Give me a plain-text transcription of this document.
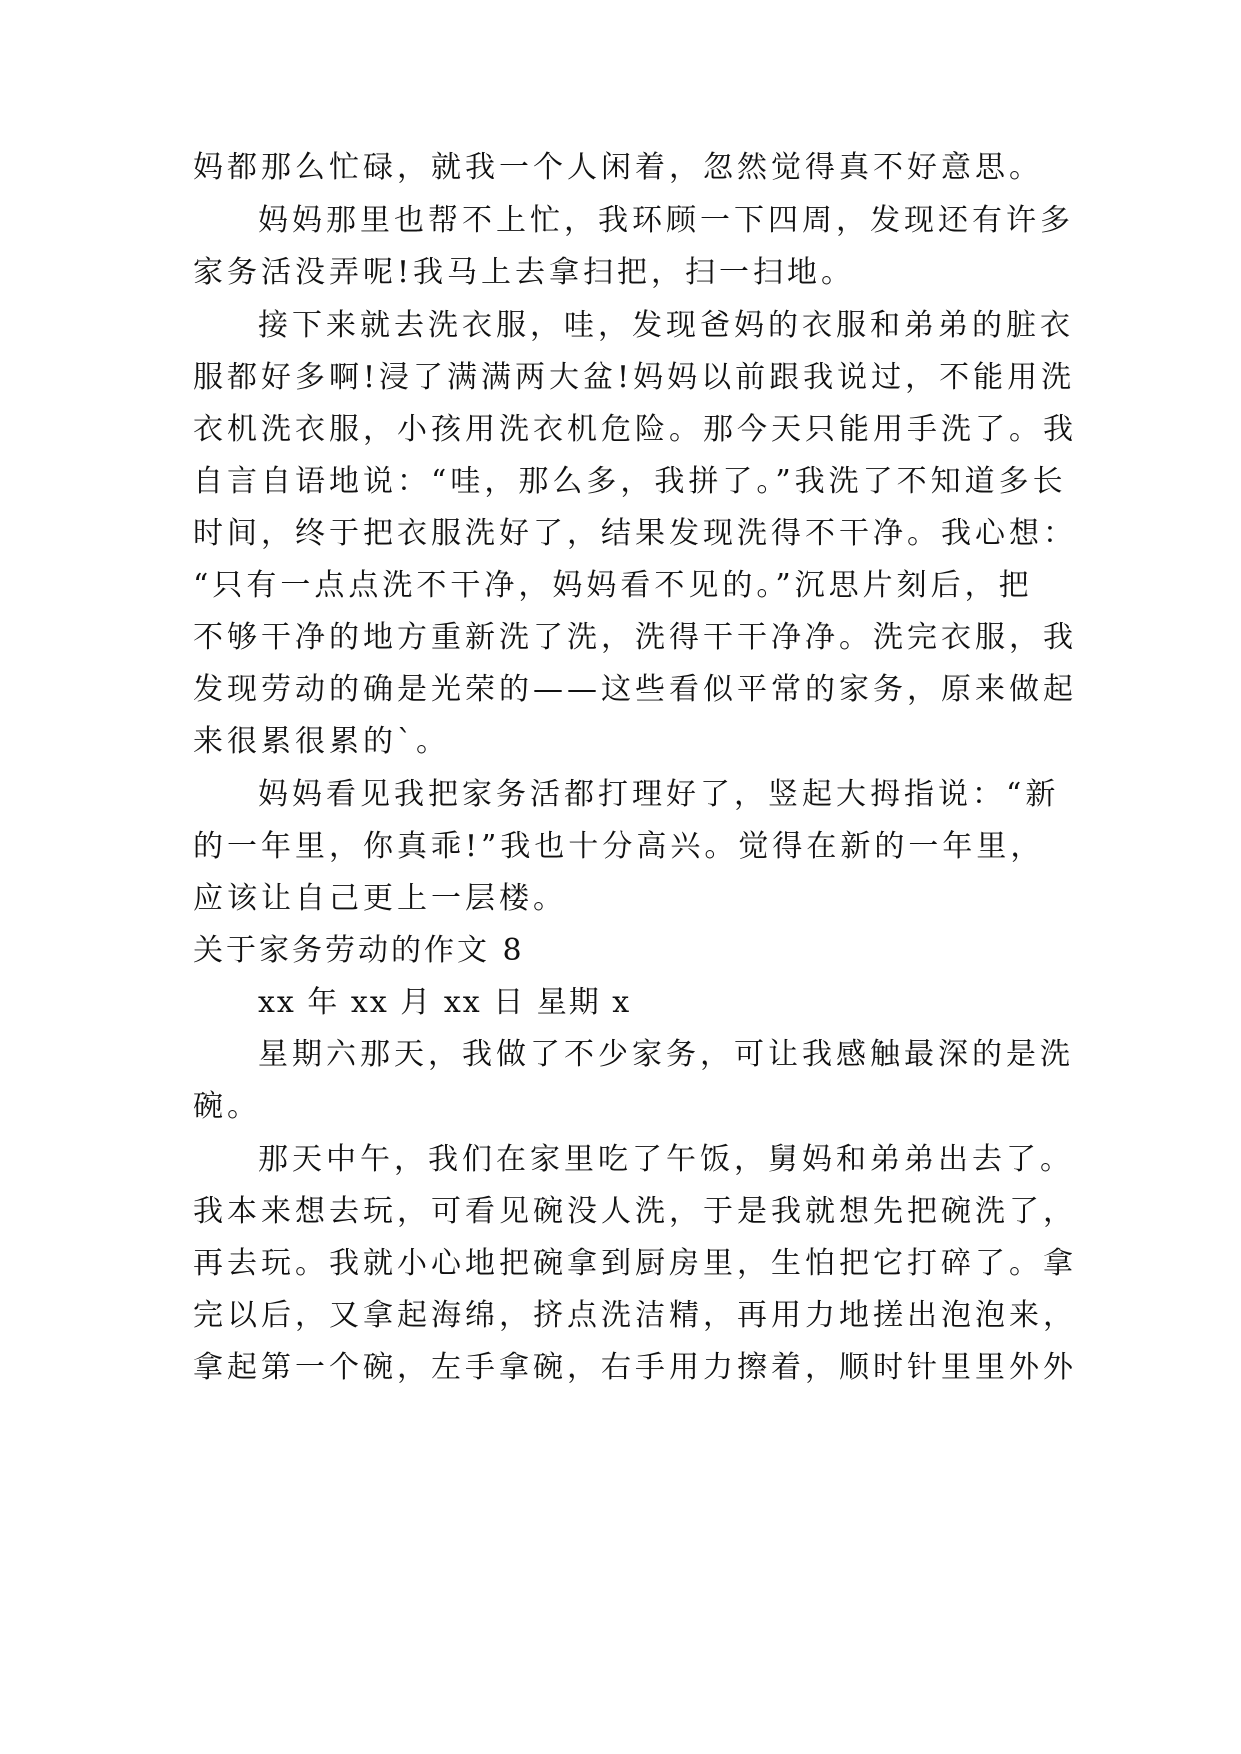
妈都那么忙碌，就我一个人闲着，忽然觉得真不好意思。
妈妈那里也帮不上忙，我环顾一下四周，发现还有许多
家务活没弄呢!我马上去拿扫把，扫一扫地。
接下来就去洗衣服，哇，发现爸妈的衣服和弟弟的脏衣
服都好多啊!浸了满满两大盆!妈妈以前跟我说过，不能用洗
衣机洗衣服，小孩用洗衣机危险。那今天只能用手洗了。我
自言自语地说：“哇，那么多，我拼了。”我洗了不知道多长
时间，终于把衣服洗好了，结果发现洗得不干净。我心想：
“只有一点点洗不干净，妈妈看不见的。”沉思片刻后，把
不够干净的地方重新洗了洗，洗得干干净净。洗完衣服，我
发现劳动的确是光荣的——这些看似平常的家务，原来做起
来很累很累的`。
妈妈看见我把家务活都打理好了，竖起大拇指说：“新
的一年里，你真乖!”我也十分高兴。觉得在新的一年里，
应该让自己更上一层楼。
关于家务劳动的作文 8
xx 年 xx 月 xx 日 星期 x
星期六那天，我做了不少家务，可让我感触最深的是洗
碗。
那天中午，我们在家里吃了午饭，舅妈和弟弟出去了。
我本来想去玩，可看见碗没人洗，于是我就想先把碗洗了，
再去玩。我就小心地把碗拿到厨房里，生怕把它打碎了。拿
完以后，又拿起海绵，挤点洗洁精，再用力地搓出泡泡来，
拿起第一个碗，左手拿碗，右手用力擦着，顺时针里里外外
